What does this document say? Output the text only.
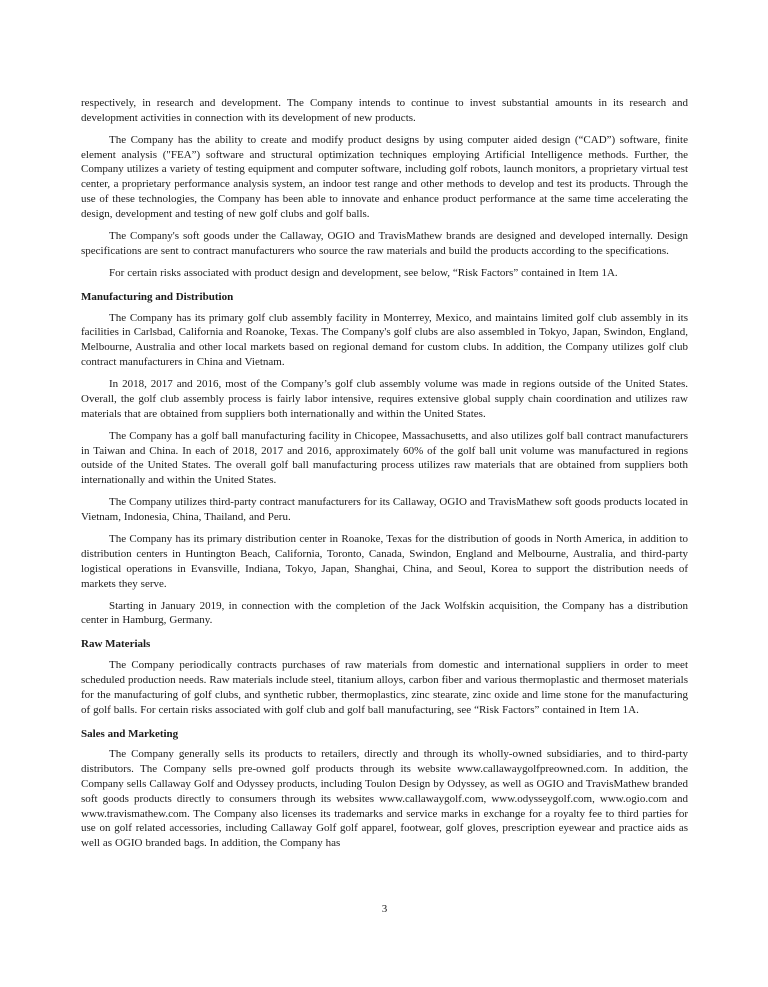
respectively, in research and development. The Company intends to continue to invest substantial amounts in its research and development activities in connection with its development of new products.

The Company has the ability to create and modify product designs by using computer aided design (“CAD”) software, finite element analysis ("FEA”) software and structural optimization techniques employing Artificial Intelligence methods. Further, the Company utilizes a variety of testing equipment and computer software, including golf robots, launch monitors, a proprietary virtual test center, a proprietary performance analysis system, an indoor test range and other methods to develop and test its products. Through the use of these technologies, the Company has been able to innovate and enhance product performance at the same time accelerating the design, development and testing of new golf clubs and golf balls.

The Company's soft goods under the Callaway, OGIO and TravisMathew brands are designed and developed internally. Design specifications are sent to contract manufacturers who source the raw materials and build the products according to the specifications.

For certain risks associated with product design and development, see below, “Risk Factors” contained in Item 1A.

Manufacturing and Distribution

The Company has its primary golf club assembly facility in Monterrey, Mexico, and maintains limited golf club assembly in its facilities in Carlsbad, California and Roanoke, Texas. The Company's golf clubs are also assembled in Tokyo, Japan, Swindon, England, Melbourne, Australia and other local markets based on regional demand for custom clubs. In addition, the Company utilizes golf club contract manufacturers in China and Vietnam.

In 2018, 2017 and 2016, most of the Company’s golf club assembly volume was made in regions outside of the United States. Overall, the golf club assembly process is fairly labor intensive, requires extensive global supply chain coordination and utilizes raw materials that are obtained from suppliers both internationally and within the United States.

The Company has a golf ball manufacturing facility in Chicopee, Massachusetts, and also utilizes golf ball contract manufacturers in Taiwan and China. In each of 2018, 2017 and 2016, approximately 60% of the golf ball unit volume was manufactured in regions outside of the United States. The overall golf ball manufacturing process utilizes raw materials that are obtained from suppliers both internationally and within the United States.

The Company utilizes third-party contract manufacturers for its Callaway, OGIO and TravisMathew soft goods products located in Vietnam, Indonesia, China, Thailand, and Peru.

The Company has its primary distribution center in Roanoke, Texas for the distribution of goods in North America, in addition to distribution centers in Huntington Beach, California, Toronto, Canada, Swindon, England and Melbourne, Australia, and third-party logistical operations in Evansville, Indiana, Tokyo, Japan, Shanghai, China, and Seoul, Korea to support the distribution needs of markets they serve.

Starting in January 2019, in connection with the completion of the Jack Wolfskin acquisition, the Company has a distribution center in Hamburg, Germany.

Raw Materials

The Company periodically contracts purchases of raw materials from domestic and international suppliers in order to meet scheduled production needs. Raw materials include steel, titanium alloys, carbon fiber and various thermoplastic and thermoset materials for the manufacturing of golf clubs, and synthetic rubber, thermoplastics, zinc stearate, zinc oxide and lime stone for the manufacturing of golf balls. For certain risks associated with golf club and golf ball manufacturing, see “Risk Factors” contained in Item 1A.

Sales and Marketing

The Company generally sells its products to retailers, directly and through its wholly-owned subsidiaries, and to third-party distributors. The Company sells pre-owned golf products through its website www.callawaygolfpreowned.com. In addition, the Company sells Callaway Golf and Odyssey products, including Toulon Design by Odyssey, as well as OGIO and TravisMathew branded soft goods products directly to consumers through its websites www.callawaygolf.com, www.odysseygolf.com, www.ogio.com and www.travismathew.com. The Company also licenses its trademarks and service marks in exchange for a royalty fee to third parties for use on golf related accessories, including Callaway Golf golf apparel, footwear, golf gloves, prescription eyewear and practice aids as well as OGIO branded bags. In addition, the Company has

3
